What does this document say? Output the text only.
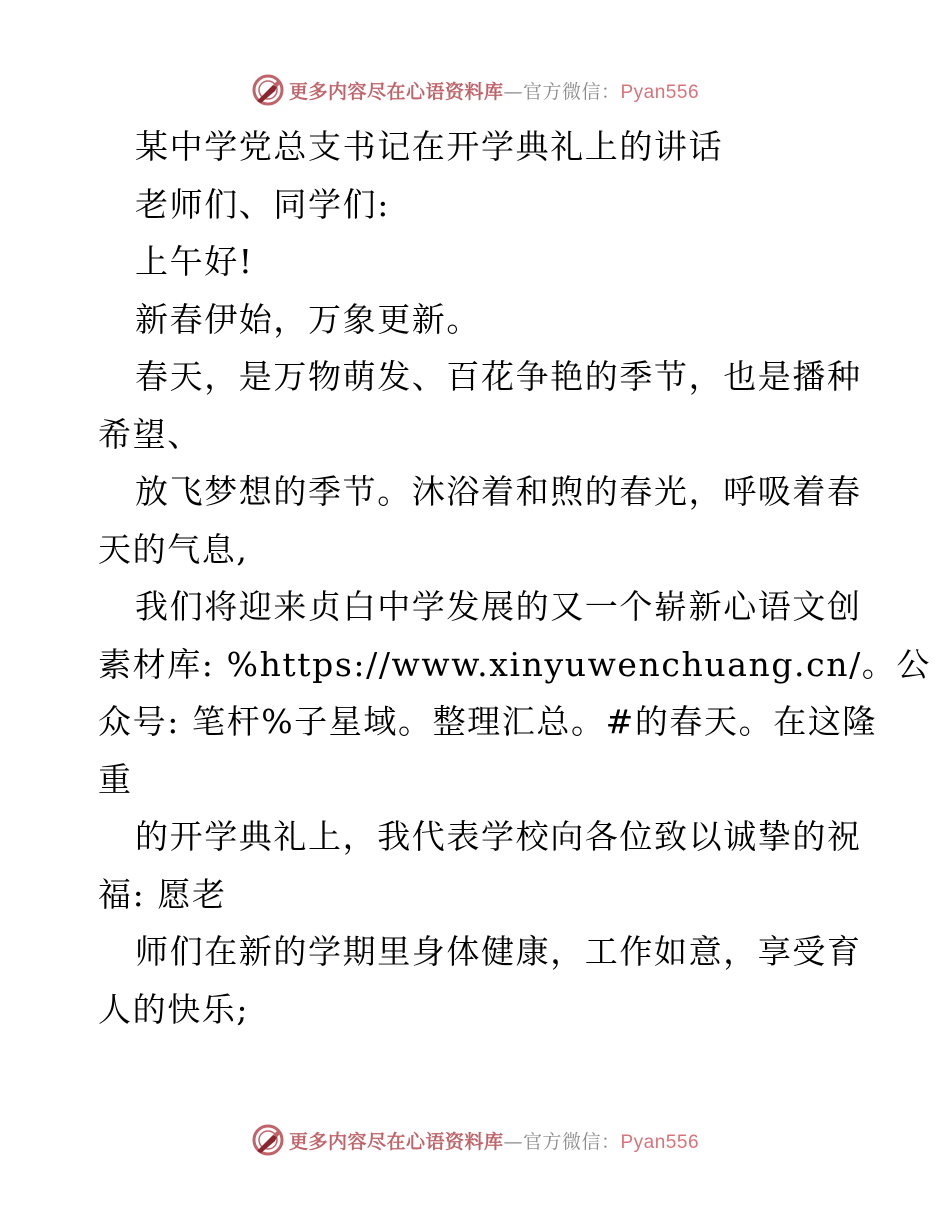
更多内容尽在心语资料库—官方微信：Pyan556
某中学党总支书记在开学典礼上的讲话
老师们、同学们:
上午好!
新春伊始，万象更新。
春天，是万物萌发、百花争艳的季节，也是播种
希望、
放飞梦想的季节。沐浴着和煦的春光，呼吸着春
天的气息,
我们将迎来贞白中学发展的又一个崭新心语文创
素材库: %https://www.xinyuwenchuang.cn/。公
众号: 笔杆%子星域。整理汇总。#的春天。在这隆
重
的开学典礼上，我代表学校向各位致以诚挚的祝
福: 愿老
师们在新的学期里身体健康，工作如意，享受育
人的快乐;
更多内容尽在心语资料库—官方微信：Pyan556
